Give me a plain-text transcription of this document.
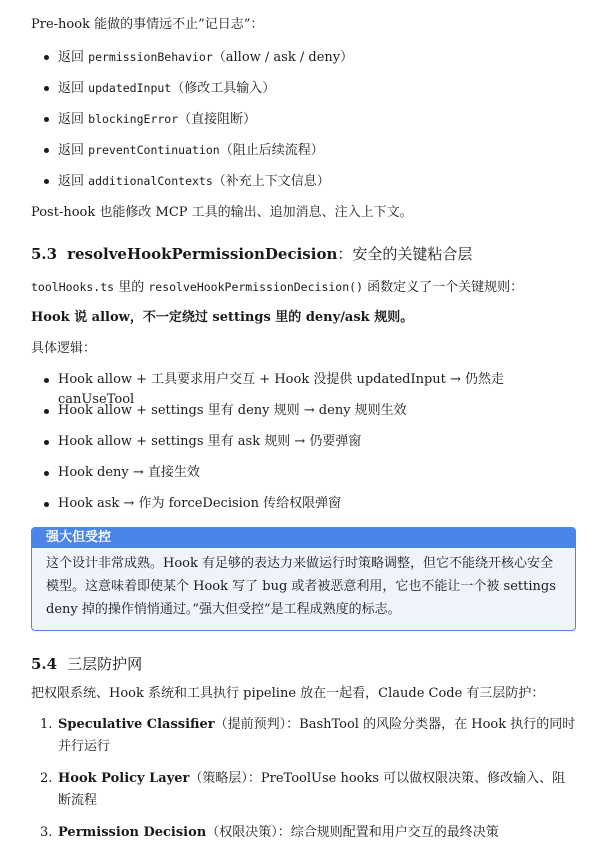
Pre-hook 能做的事情远不止”记日志”：
返回 permissionBehavior（allow / ask / deny）
返回 updatedInput（修改工具输入）
返回 blockingError（直接阻断）
返回 preventContinuation（阻止后续流程）
返回 additionalContexts（补充上下文信息）
Post-hook 也能修改 MCP 工具的输出、追加消息、注入上下文。
5.3 resolveHookPermissionDecision：安全的关键粘合层
toolHooks.ts 里的 resolveHookPermissionDecision() 函数定义了一个关键规则：
Hook 说 allow，不一定绕过 settings 里的 deny/ask 规则。
具体逻辑：
Hook allow + 工具要求用户交互 + Hook 没提供 updatedInput → 仍然走 canUseTool
Hook allow + settings 里有 deny 规则 → deny 规则生效
Hook allow + settings 里有 ask 规则 → 仍要弹窗
Hook deny → 直接生效
Hook ask → 作为 forceDecision 传给权限弹窗
强大但受控
这个设计非常成熟。Hook 有足够的表达力来做运行时策略调整，但它不能绕开核心安全模型。这意味着即使某个 Hook 写了 bug 或者被恶意利用，它也不能让一个被 settings deny 掉的操作悄悄通过。”强大但受控”是工程成熟度的标志。
5.4 三层防护网
把权限系统、Hook 系统和工具执行 pipeline 放在一起看，Claude Code 有三层防护：
1. Speculative Classifier（提前预判）：BashTool 的风险分类器，在 Hook 执行的同时并行运行
2. Hook Policy Layer（策略层）：PreToolUse hooks 可以做权限决策、修改输入、阻断流程
3. Permission Decision（权限决策）：综合规则配置和用户交互的最终决策
